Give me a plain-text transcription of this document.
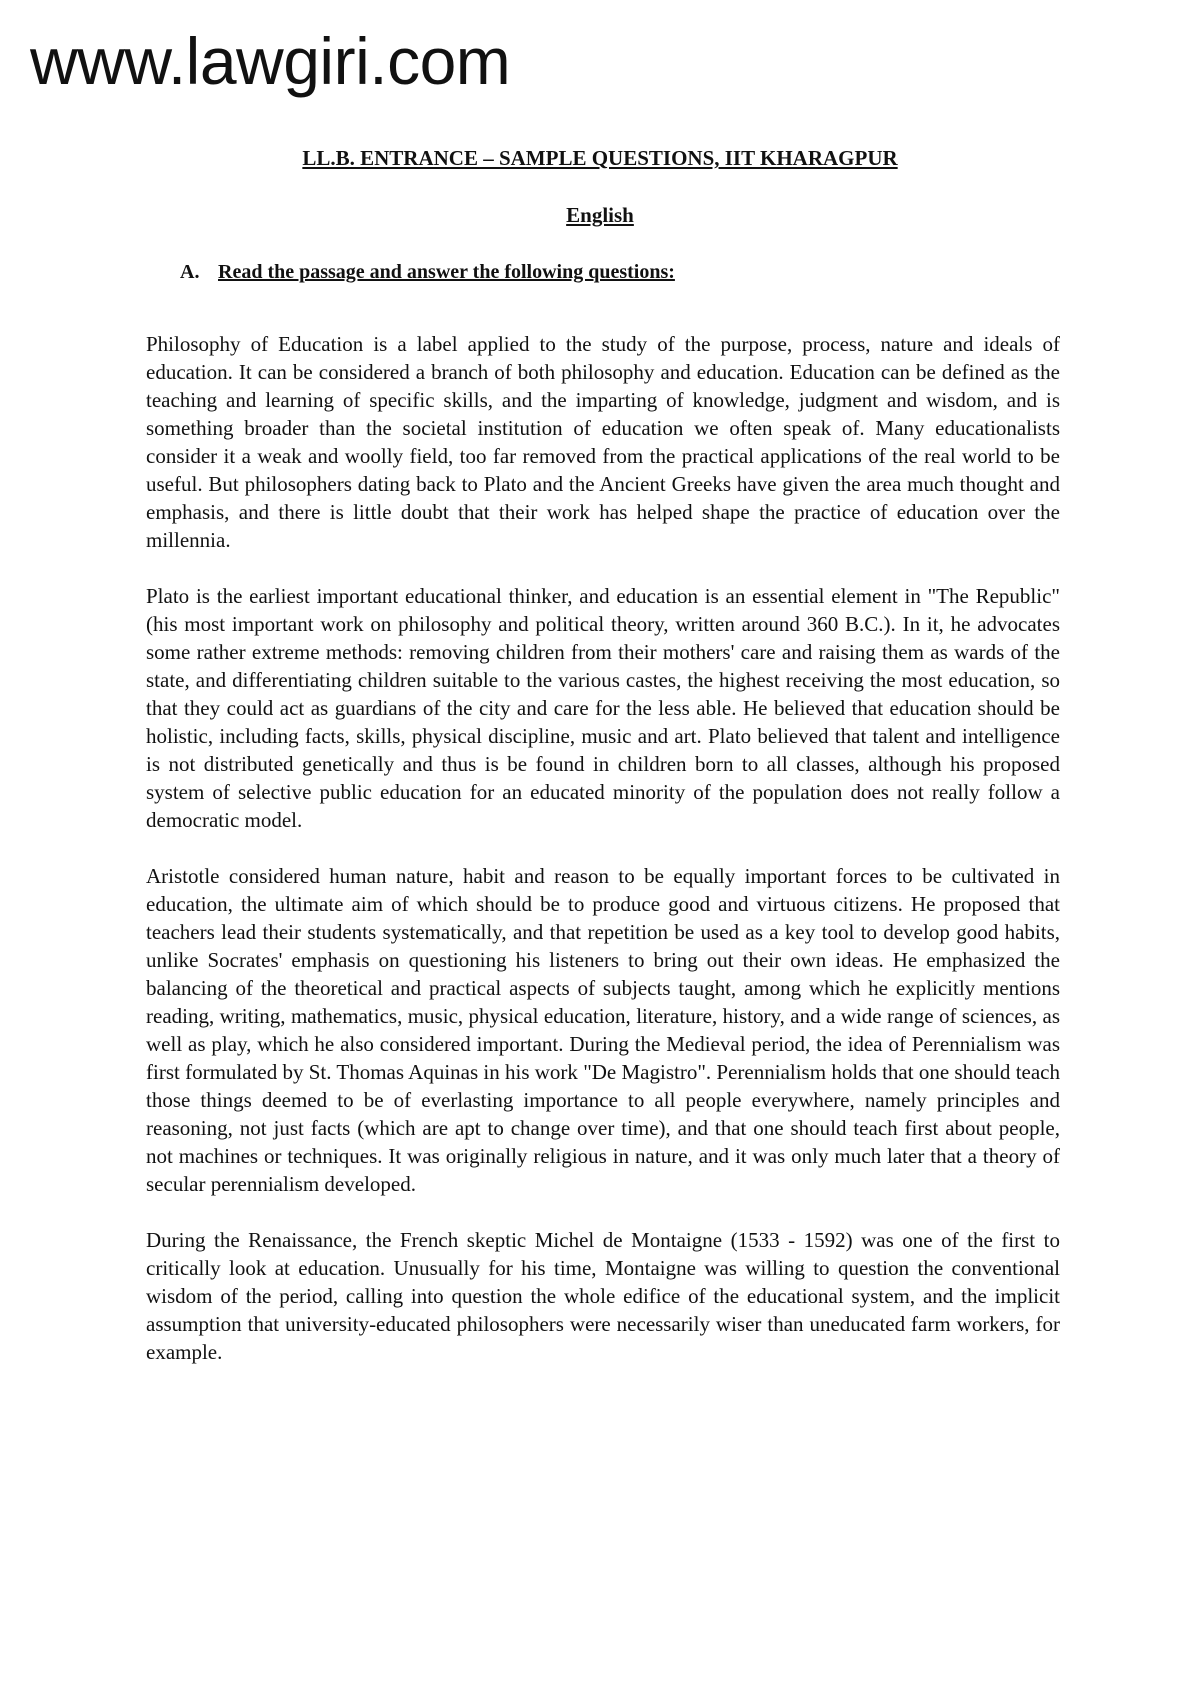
www.lawgiri.com
LL.B. ENTRANCE – SAMPLE QUESTIONS, IIT KHARAGPUR
English
A. Read the passage and answer the following questions:

Philosophy of Education is a label applied to the study of the purpose, process, nature and ideals of education. It can be considered a branch of both philosophy and education. Education can be defined as the teaching and learning of specific skills, and the imparting of knowledge, judgment and wisdom, and is something broader than the societal institution of education we often speak of. Many educationalists consider it a weak and woolly field, too far removed from the practical applications of the real world to be useful. But philosophers dating back to Plato and the Ancient Greeks have given the area much thought and emphasis, and there is little doubt that their work has helped shape the practice of education over the millennia.

Plato is the earliest important educational thinker, and education is an essential element in "The Republic" (his most important work on philosophy and political theory, written around 360 B.C.). In it, he advocates some rather extreme methods: removing children from their mothers' care and raising them as wards of the state, and differentiating children suitable to the various castes, the highest receiving the most education, so that they could act as guardians of the city and care for the less able. He believed that education should be holistic, including facts, skills, physical discipline, music and art. Plato believed that talent and intelligence is not distributed genetically and thus is be found in children born to all classes, although his proposed system of selective public education for an educated minority of the population does not really follow a democratic model.

Aristotle considered human nature, habit and reason to be equally important forces to be cultivated in education, the ultimate aim of which should be to produce good and virtuous citizens. He proposed that teachers lead their students systematically, and that repetition be used as a key tool to develop good habits, unlike Socrates' emphasis on questioning his listeners to bring out their own ideas. He emphasized the balancing of the theoretical and practical aspects of subjects taught, among which he explicitly mentions reading, writing, mathematics, music, physical education, literature, history, and a wide range of sciences, as well as play, which he also considered important. During the Medieval period, the idea of Perennialism was first formulated by St. Thomas Aquinas in his work "De Magistro". Perennialism holds that one should teach those things deemed to be of everlasting importance to all people everywhere, namely principles and reasoning, not just facts (which are apt to change over time), and that one should teach first about people, not machines or techniques. It was originally religious in nature, and it was only much later that a theory of secular perennialism developed.

During the Renaissance, the French skeptic Michel de Montaigne (1533 - 1592) was one of the first to critically look at education. Unusually for his time, Montaigne was willing to question the conventional wisdom of the period, calling into question the whole edifice of the educational system, and the implicit assumption that university-educated philosophers were necessarily wiser than uneducated farm workers, for example.
